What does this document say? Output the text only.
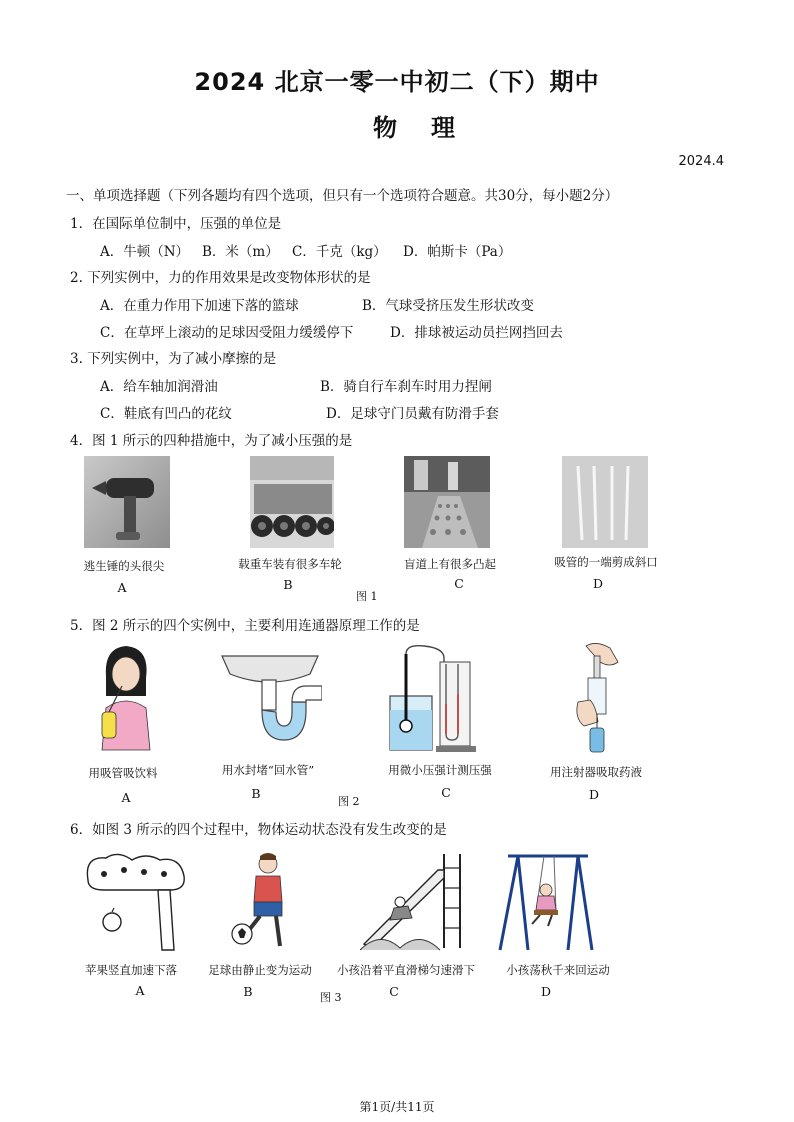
2024 北京一零一中初二（下）期中
物理
2024.4
一、单项选择题（下列各题均有四个选项，但只有一个选项符合题意。共30分，每小题2分）
1．在国际单位制中，压强的单位是
A．牛顿（N） B．米（m） C．千克（kg） D．帕斯卡（Pa）
2. 下列实例中，力的作用效果是改变物体形状的是
A．在重力作用下加速下落的篮球	B．气球受挤压发生形状改变
C．在草坪上滚动的足球因受阻力缓缓停下	D．排球被运动员拦网挡回去
3. 下列实例中，为了减小摩擦的是
A．给车轴加润滑油	B．骑自行车刹车时用力捏闸
C．鞋底有凹凸的花纹	D．足球守门员戴有防滑手套
4．图 1 所示的四种措施中，为了减小压强的是
逃生锤的头很尖	载重车装有很多车轮	盲道上有很多凸起	吸管的一端剪成斜口
A	B	C	D
图 1
5．图 2 所示的四个实例中，主要利用连通器原理工作的是
用吸管吸饮料	用水封堵“回水管”	用微小压强计测压强	用注射器吸取药液
A	B	C	D
图 2
6．如图 3 所示的四个过程中，物体运动状态没有发生改变的是
苹果竖直加速下落	足球由静止变为运动	小孩沿着平直滑梯匀速滑下	小孩荡秋千来回运动
A	B	C	D
图 3
第1页/共11页
